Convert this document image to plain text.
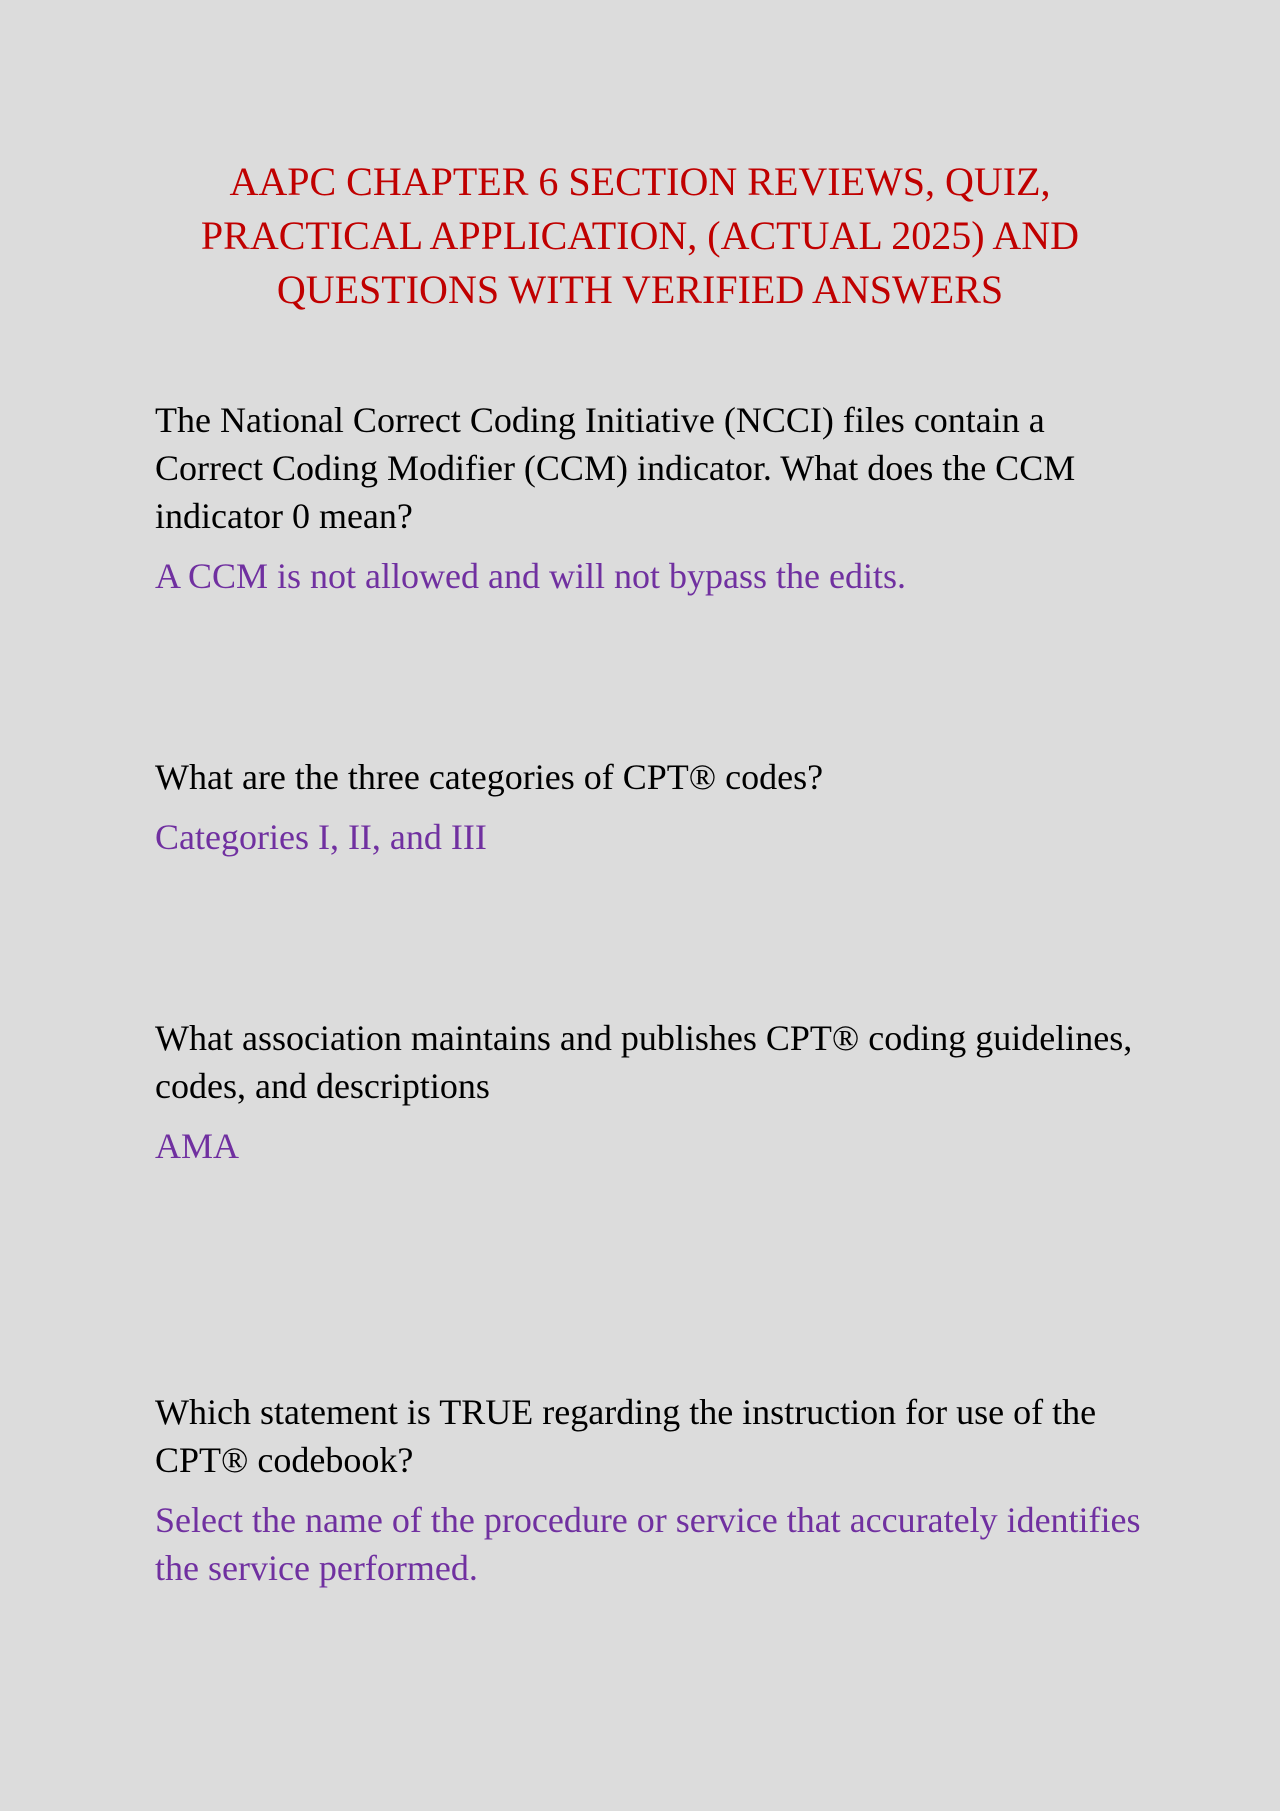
AAPC CHAPTER 6 SECTION REVIEWS, QUIZ, PRACTICAL APPLICATION, (ACTUAL 2025) AND QUESTIONS WITH VERIFIED ANSWERS

The National Correct Coding Initiative (NCCI) files contain a Correct Coding Modifier (CCM) indicator. What does the CCM indicator 0 mean?

A CCM is not allowed and will not bypass the edits.

What are the three categories of CPT® codes?

Categories I, II, and III

What association maintains and publishes CPT® coding guidelines, codes, and descriptions

AMA

Which statement is TRUE regarding the instruction for use of the CPT® codebook?

Select the name of the procedure or service that accurately identifies the service performed.
